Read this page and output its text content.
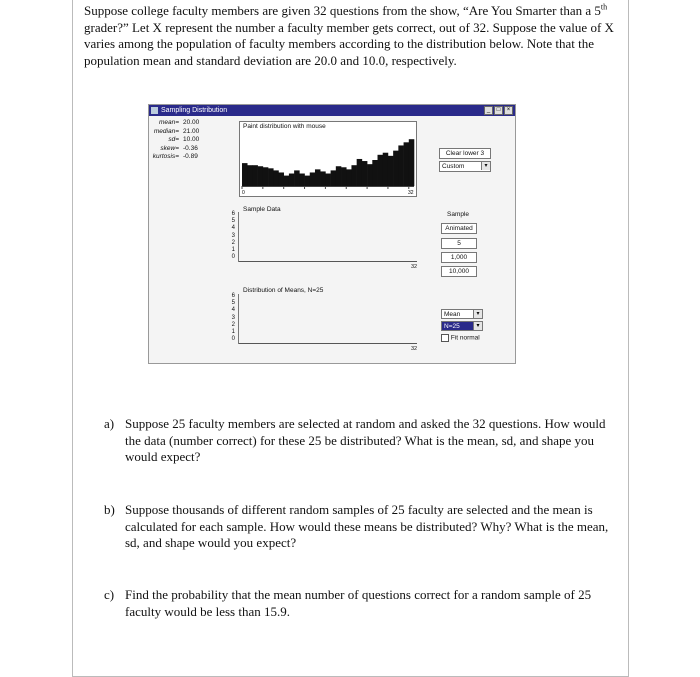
Suppose college faculty members are given 32 questions from the show, “Are You Smarter than a 5th grader?” Let X represent the number a faculty member gets correct, out of 32. Suppose the value of X varies among the population of faculty members according to the distribution below. Note that the population mean and standard deviation are 20.0 and 10.0, respectively.
Sampling Distribution	_	□	×
mean= 20.00
median= 21.00
sd= 10.00
skew= -0.36
kurtosis= -0.89
Paint distribution with mouse
0	32
Clear lower 3
Custom	▾
Sample Data
6
5
4
3
2
1
0
32
Sample
Animated
5
1,000
10,000
Distribution of Means, N=25
6
5
4
3
2
1
0
32
Mean	▾
N=25	▾
Fit normal
a) Suppose 25 faculty members are selected at random and asked the 32 questions. How would the data (number correct) for these 25 be distributed? What is the mean, sd, and shape you would expect?
b) Suppose thousands of different random samples of 25 faculty are selected and the mean is calculated for each sample. How would these means be distributed? Why? What is the mean, sd, and shape would you expect?
c) Find the probability that the mean number of questions correct for a random sample of 25 faculty would be less than 15.9.
